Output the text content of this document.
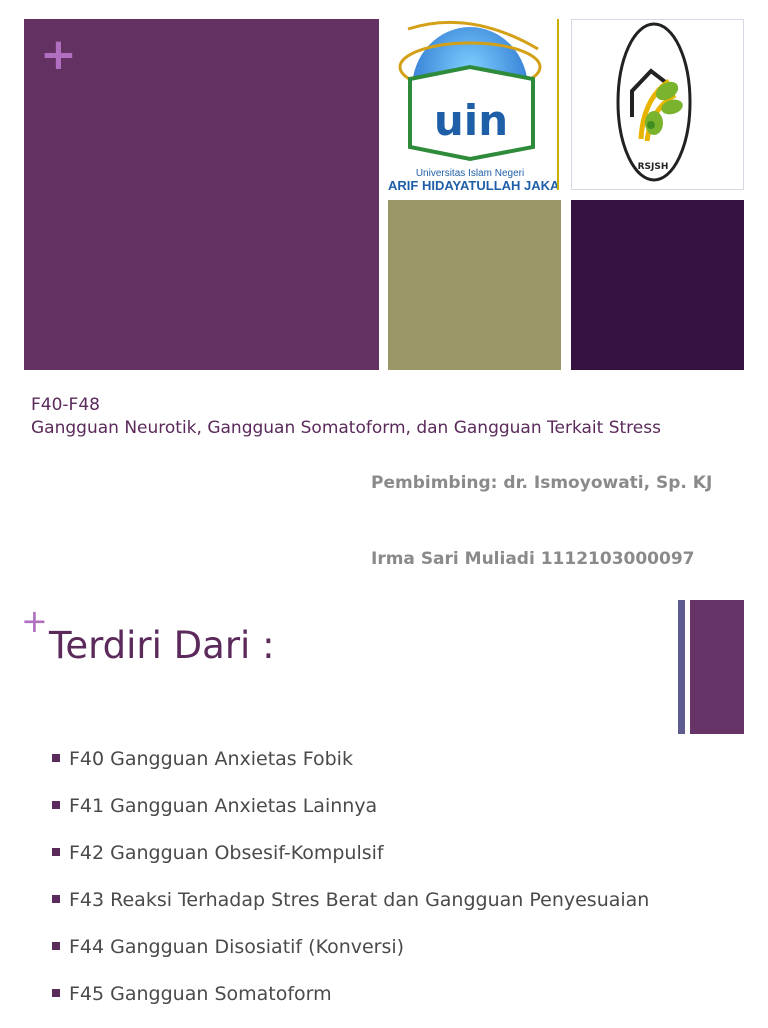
+
uin
Universitas Islam Negeri
ARIF HIDAYATULLAH JAKA
RSJSH
F40-F48
Gangguan Neurotik, Gangguan Somatoform, dan Gangguan Terkait Stress
Pembimbing: dr. Ismoyowati, Sp. KJ
Irma Sari Muliadi 1112103000097
+
Terdiri Dari :
F40 Gangguan Anxietas Fobik
F41 Gangguan Anxietas Lainnya
F42 Gangguan Obsesif-Kompulsif
F43 Reaksi Terhadap Stres Berat dan Gangguan Penyesuaian
F44 Gangguan Disosiatif (Konversi)
F45 Gangguan Somatoform
